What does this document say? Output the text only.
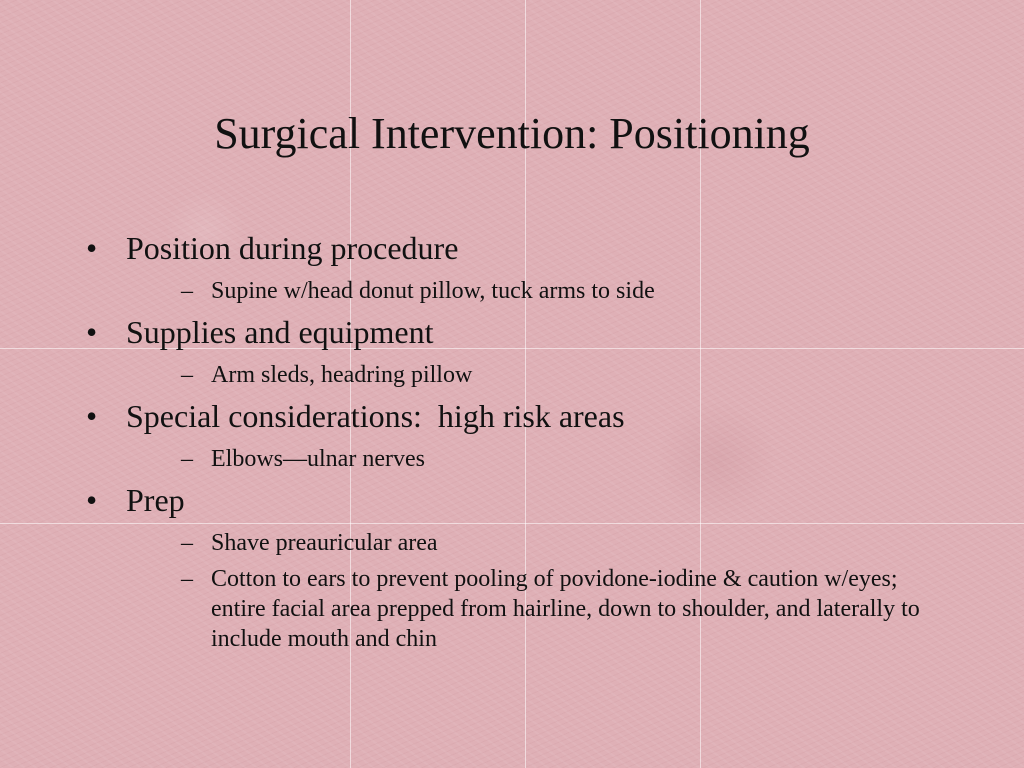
Surgical Intervention: Positioning
• Position during procedure
– Supine w/head donut pillow, tuck arms to side
• Supplies and equipment
– Arm sleds, headring pillow
• Special considerations:  high risk areas
– Elbows—ulnar nerves
• Prep
– Shave preauricular area
– Cotton to ears to prevent pooling of povidone-iodine & caution w/eyes; entire facial area prepped from hairline, down to shoulder, and laterally to include mouth and chin
